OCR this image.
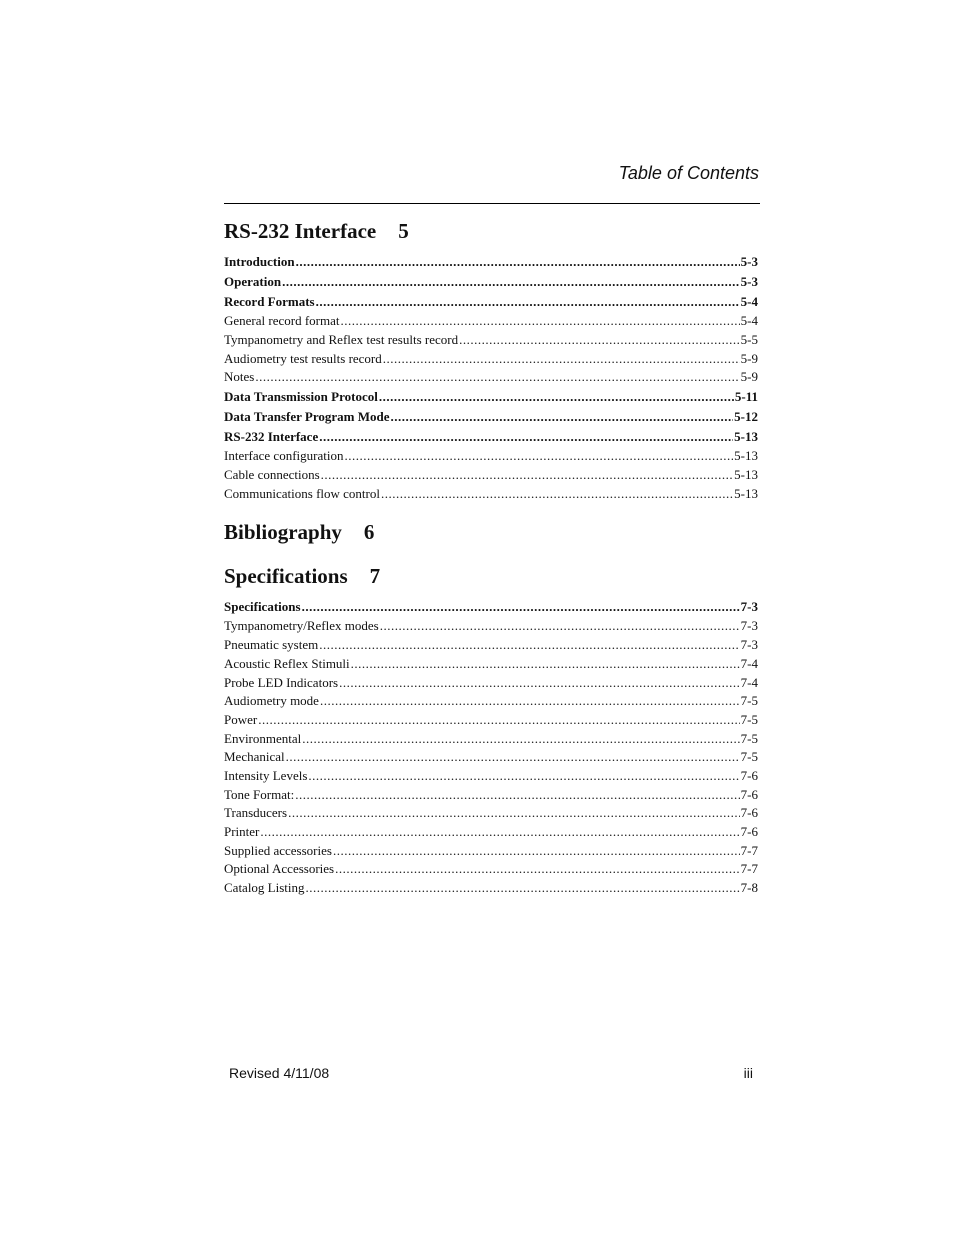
Table of Contents
RS-232 Interface 5
Introduction .....	5-3
Operation .....	5-3
Record Formats .....	5-4
General record format .....	5-4
Tympanometry and Reflex test results record .....	5-5
Audiometry test results record .....	5-9
Notes .....	5-9
Data Transmission Protocol .....	5-11
Data Transfer Program Mode .....	5-12
RS-232 Interface .....	5-13
Interface configuration .....	5-13
Cable connections .....	5-13
Communications flow control .....	5-13
Bibliography 6
Specifications 7
Specifications .....	7-3
Tympanometry/Reflex modes .....	7-3
Pneumatic system .....	7-3
Acoustic Reflex Stimuli .....	7-4
Probe LED Indicators .....	7-4
Audiometry mode .....	7-5
Power .....	7-5
Environmental .....	7-5
Mechanical .....	7-5
Intensity Levels .....	7-6
Tone Format: .....	7-6
Transducers .....	7-6
Printer .....	7-6
Supplied accessories .....	7-7
Optional Accessories .....	7-7
Catalog Listing .....	7-8
Revised 4/11/08	iii
